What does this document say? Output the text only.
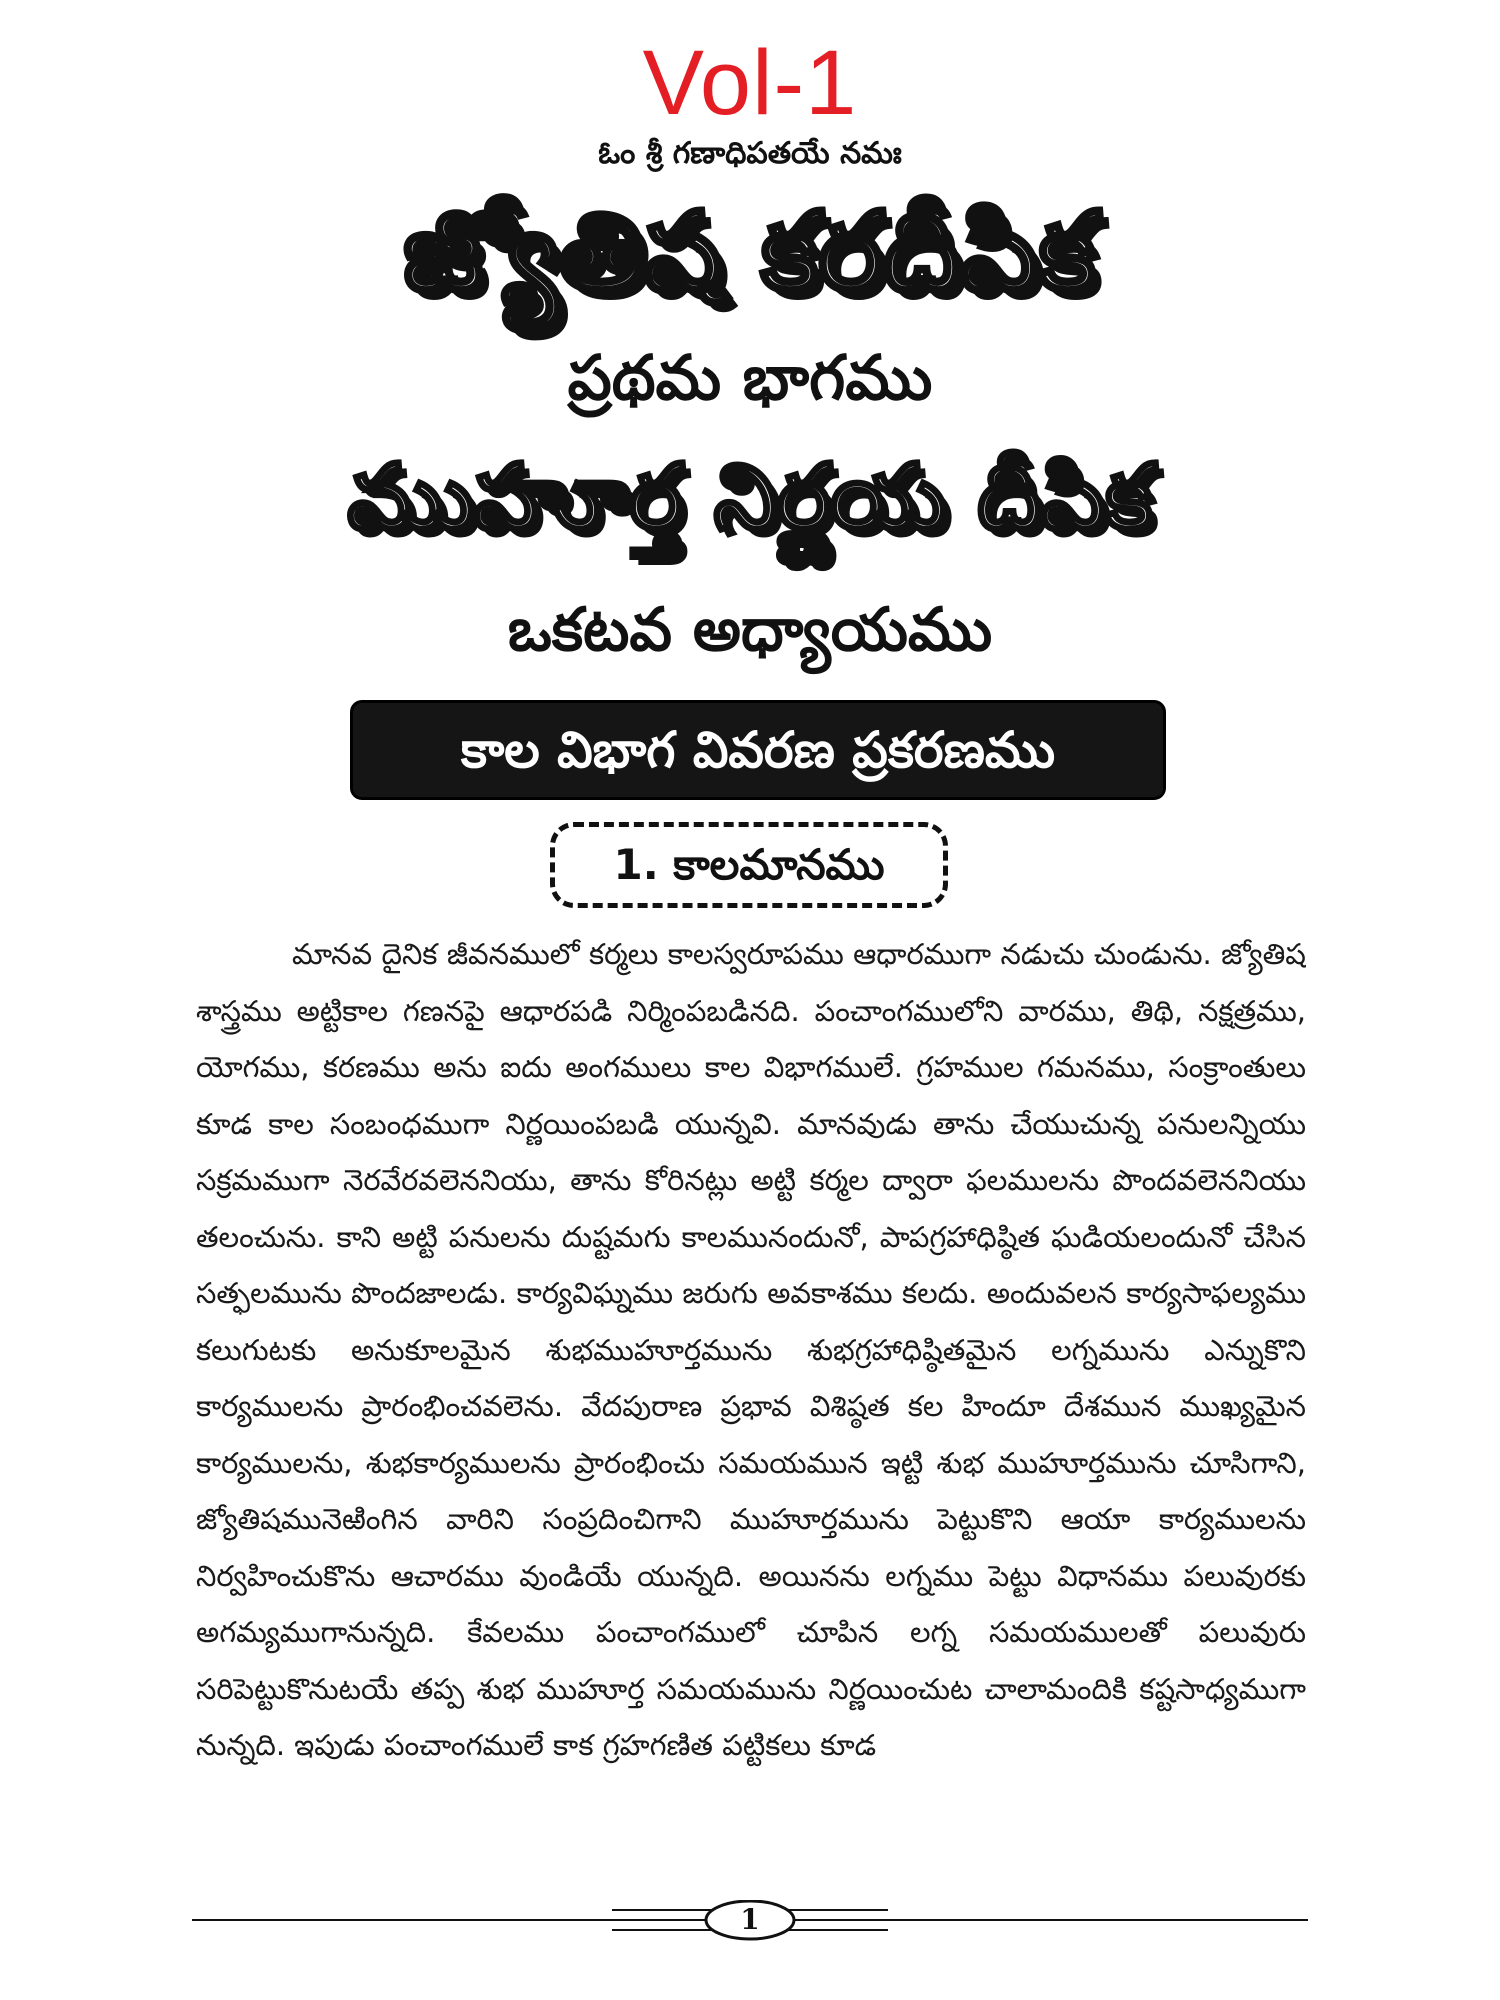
Vol-1
ఓం శ్రీ గణాధిపతయే నమః
జ్యోతిష కరదీపిక
ప్రథమ భాగము
ముహూర్త నిర్ణయ దీపిక
ఒకటవ అధ్యాయము
కాల విభాగ వివరణ ప్రకరణము
1. కాలమానము

మానవ దైనిక జీవనములో కర్మలు కాలస్వరూపము ఆధారముగా నడుచు చుండును. జ్యోతిష శాస్త్రము అట్టికాల గణనపై ఆధారపడి నిర్మింపబడినది. పంచాంగములోని వారము, తిథి, నక్షత్రము, యోగము, కరణము అను ఐదు అంగములు కాల విభాగములే. గ్రహముల గమనము, సంక్రాంతులు కూడ కాల సంబంధముగా నిర్ణయింపబడి యున్నవి. మానవుడు తాను చేయుచున్న పనులన్నియు సక్రమముగా నెరవేరవలెననియు, తాను కోరినట్లు అట్టి కర్మల ద్వారా ఫలములను పొందవలెననియు తలంచును. కాని అట్టి పనులను దుష్టమగు కాలమునందునో, పాపగ్రహాధిష్ఠిత ఘడియలందునో చేసిన సత్ఫలమును పొందజాలడు. కార్యవిఘ్నము జరుగు అవకాశము కలదు. అందువలన కార్యసాఫల్యము కలుగుటకు అనుకూలమైన శుభముహూర్తమును శుభగ్రహాధిష్ఠితమైన లగ్నమును ఎన్నుకొని కార్యములను ప్రారంభించవలెను. వేదపురాణ ప్రభావ విశిష్ఠత కల హిందూ దేశమున ముఖ్యమైన కార్యములను, శుభకార్యములను ప్రారంభించు సమయమున ఇట్టి శుభ ముహూర్తమును చూసిగాని, జ్యోతిషమునెఱింగిన వారిని సంప్రదించిగాని ముహూర్తమును పెట్టుకొని ఆయా కార్యములను నిర్వహించుకొను ఆచారము వుండియే యున్నది. అయినను లగ్నము పెట్టు విధానము పలువురకు అగమ్యముగానున్నది. కేవలము పంచాంగములో చూపిన లగ్న సమయములతో పలువురు సరిపెట్టుకొనుటయే తప్ప శుభ ముహూర్త సమయమును నిర్ణయించుట చాలామందికి కష్టసాధ్యముగా నున్నది. ఇపుడు పంచాంగములే కాక గ్రహగణిత పట్టికలు కూడ

1
